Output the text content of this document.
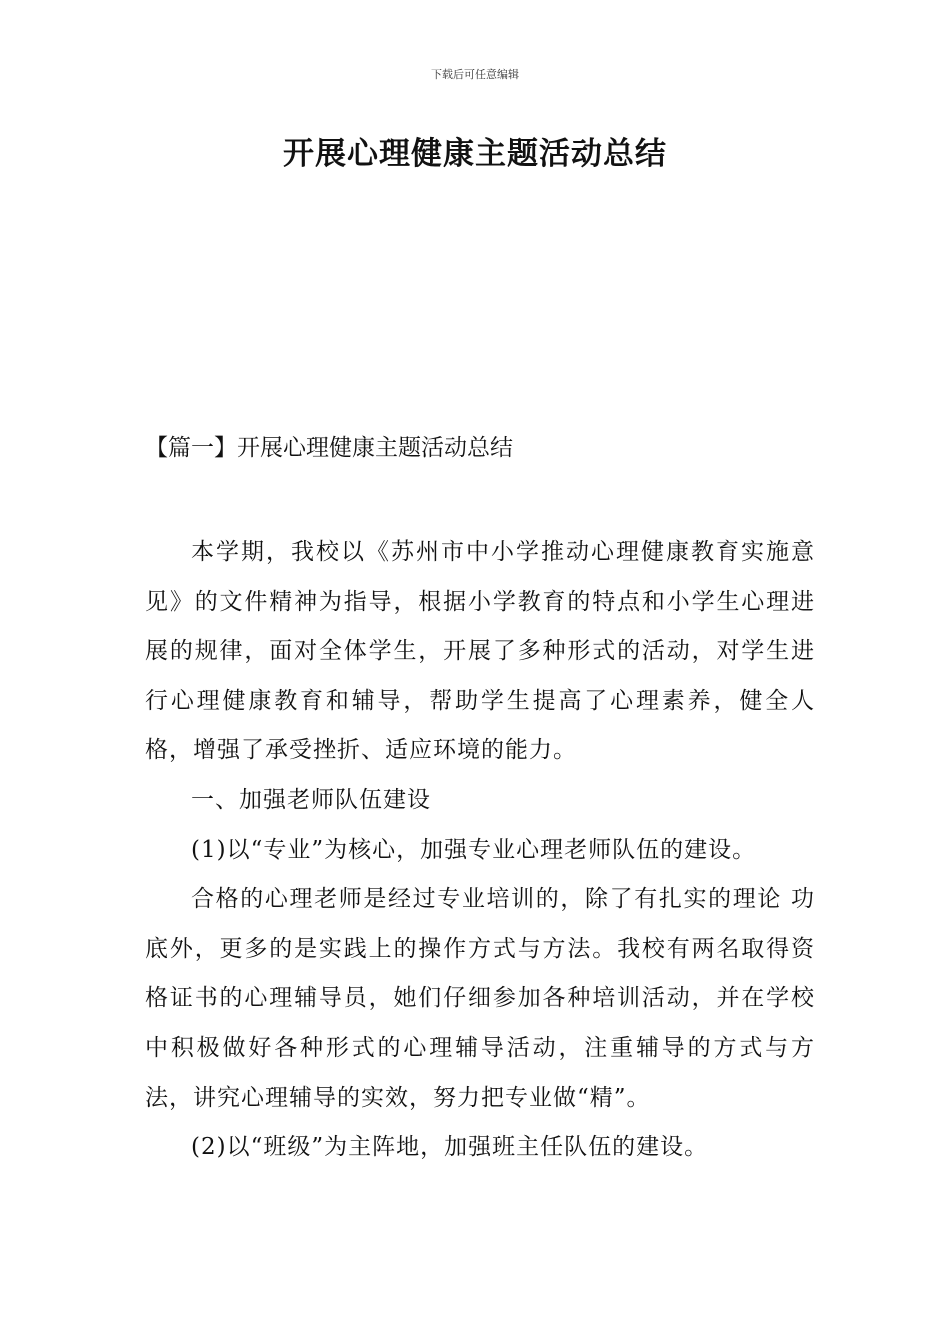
下载后可任意编辑
开展心理健康主题活动总结
【篇一】开展心理健康主题活动总结

本学期，我校以《苏州市中小学推动心理健康教育实施意见》的文件精神为指导，根据小学教育的特点和小学生心理进展的规律，面对全体学生，开展了多种形式的活动，对学生进行心理健康教育和辅导，帮助学生提高了心理素养，健全人格，增强了承受挫折、适应环境的能力。

一、加强老师队伍建设

(1)以“专业”为核心，加强专业心理老师队伍的建设。

合格的心理老师是经过专业培训的，除了有扎实的理论 功底外，更多的是实践上的操作方式与方法。我校有两名取得资格证书的心理辅导员，她们仔细参加各种培训活动，并在学校中积极做好各种形式的心理辅导活动，注重辅导的方式与方法，讲究心理辅导的实效，努力把专业做“精”。

(2)以“班级”为主阵地，加强班主任队伍的建设。
